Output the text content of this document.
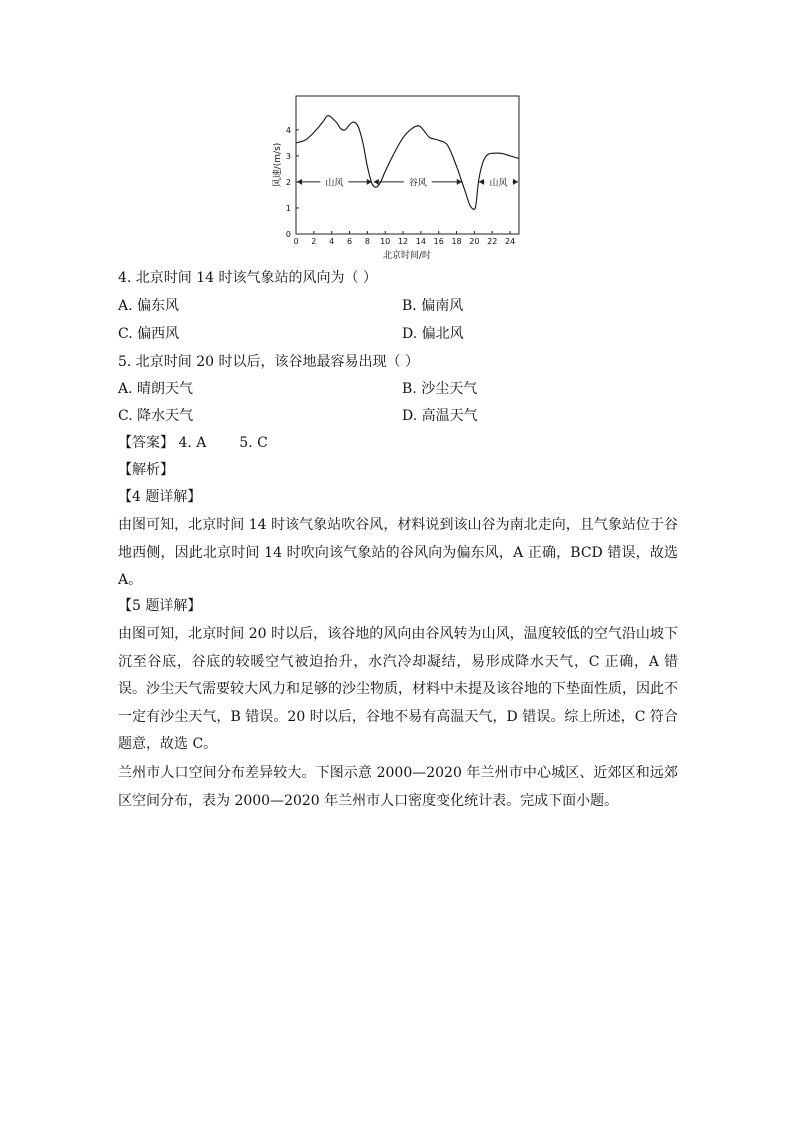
风速/(m/s)
北京时间/时
0 2 4 6 8 10 12 14 16 18 20 22 24
0
1
2
3
4
山风	谷风	山风
4. 北京时间 14 时该气象站的风向为（ ）
A. 偏东风	B. 偏南风
C. 偏西风	D. 偏北风
5. 北京时间 20 时以后，该谷地最容易出现（ ）
A. 晴朗天气	B. 沙尘天气
C. 降水天气	D. 高温天气
【答案】 4. A 5. C
【解析】
【4 题详解】

由图可知，北京时间 14 时该气象站吹谷风，材料说到该山谷为南北走向，且气象站位于谷地西侧，因此北京时间 14 时吹向该气象站的谷风向为偏东风，A 正确，BCD 错误，故选 A。

【5 题详解】

由图可知，北京时间 20 时以后，该谷地的风向由谷风转为山风，温度较低的空气沿山坡下沉至谷底，谷底的较暖空气被迫抬升，水汽冷却凝结，易形成降水天气，C 正确，A 错误。沙尘天气需要较大风力和足够的沙尘物质，材料中未提及该谷地的下垫面性质，因此不一定有沙尘天气，B 错误。20 时以后，谷地不易有高温天气，D 错误。综上所述，C 符合题意，故选 C。

兰州市人口空间分布差异较大。下图示意 2000—2020 年兰州市中心城区、近郊区和远郊区空间分布，表为 2000—2020 年兰州市人口密度变化统计表。完成下面小题。
